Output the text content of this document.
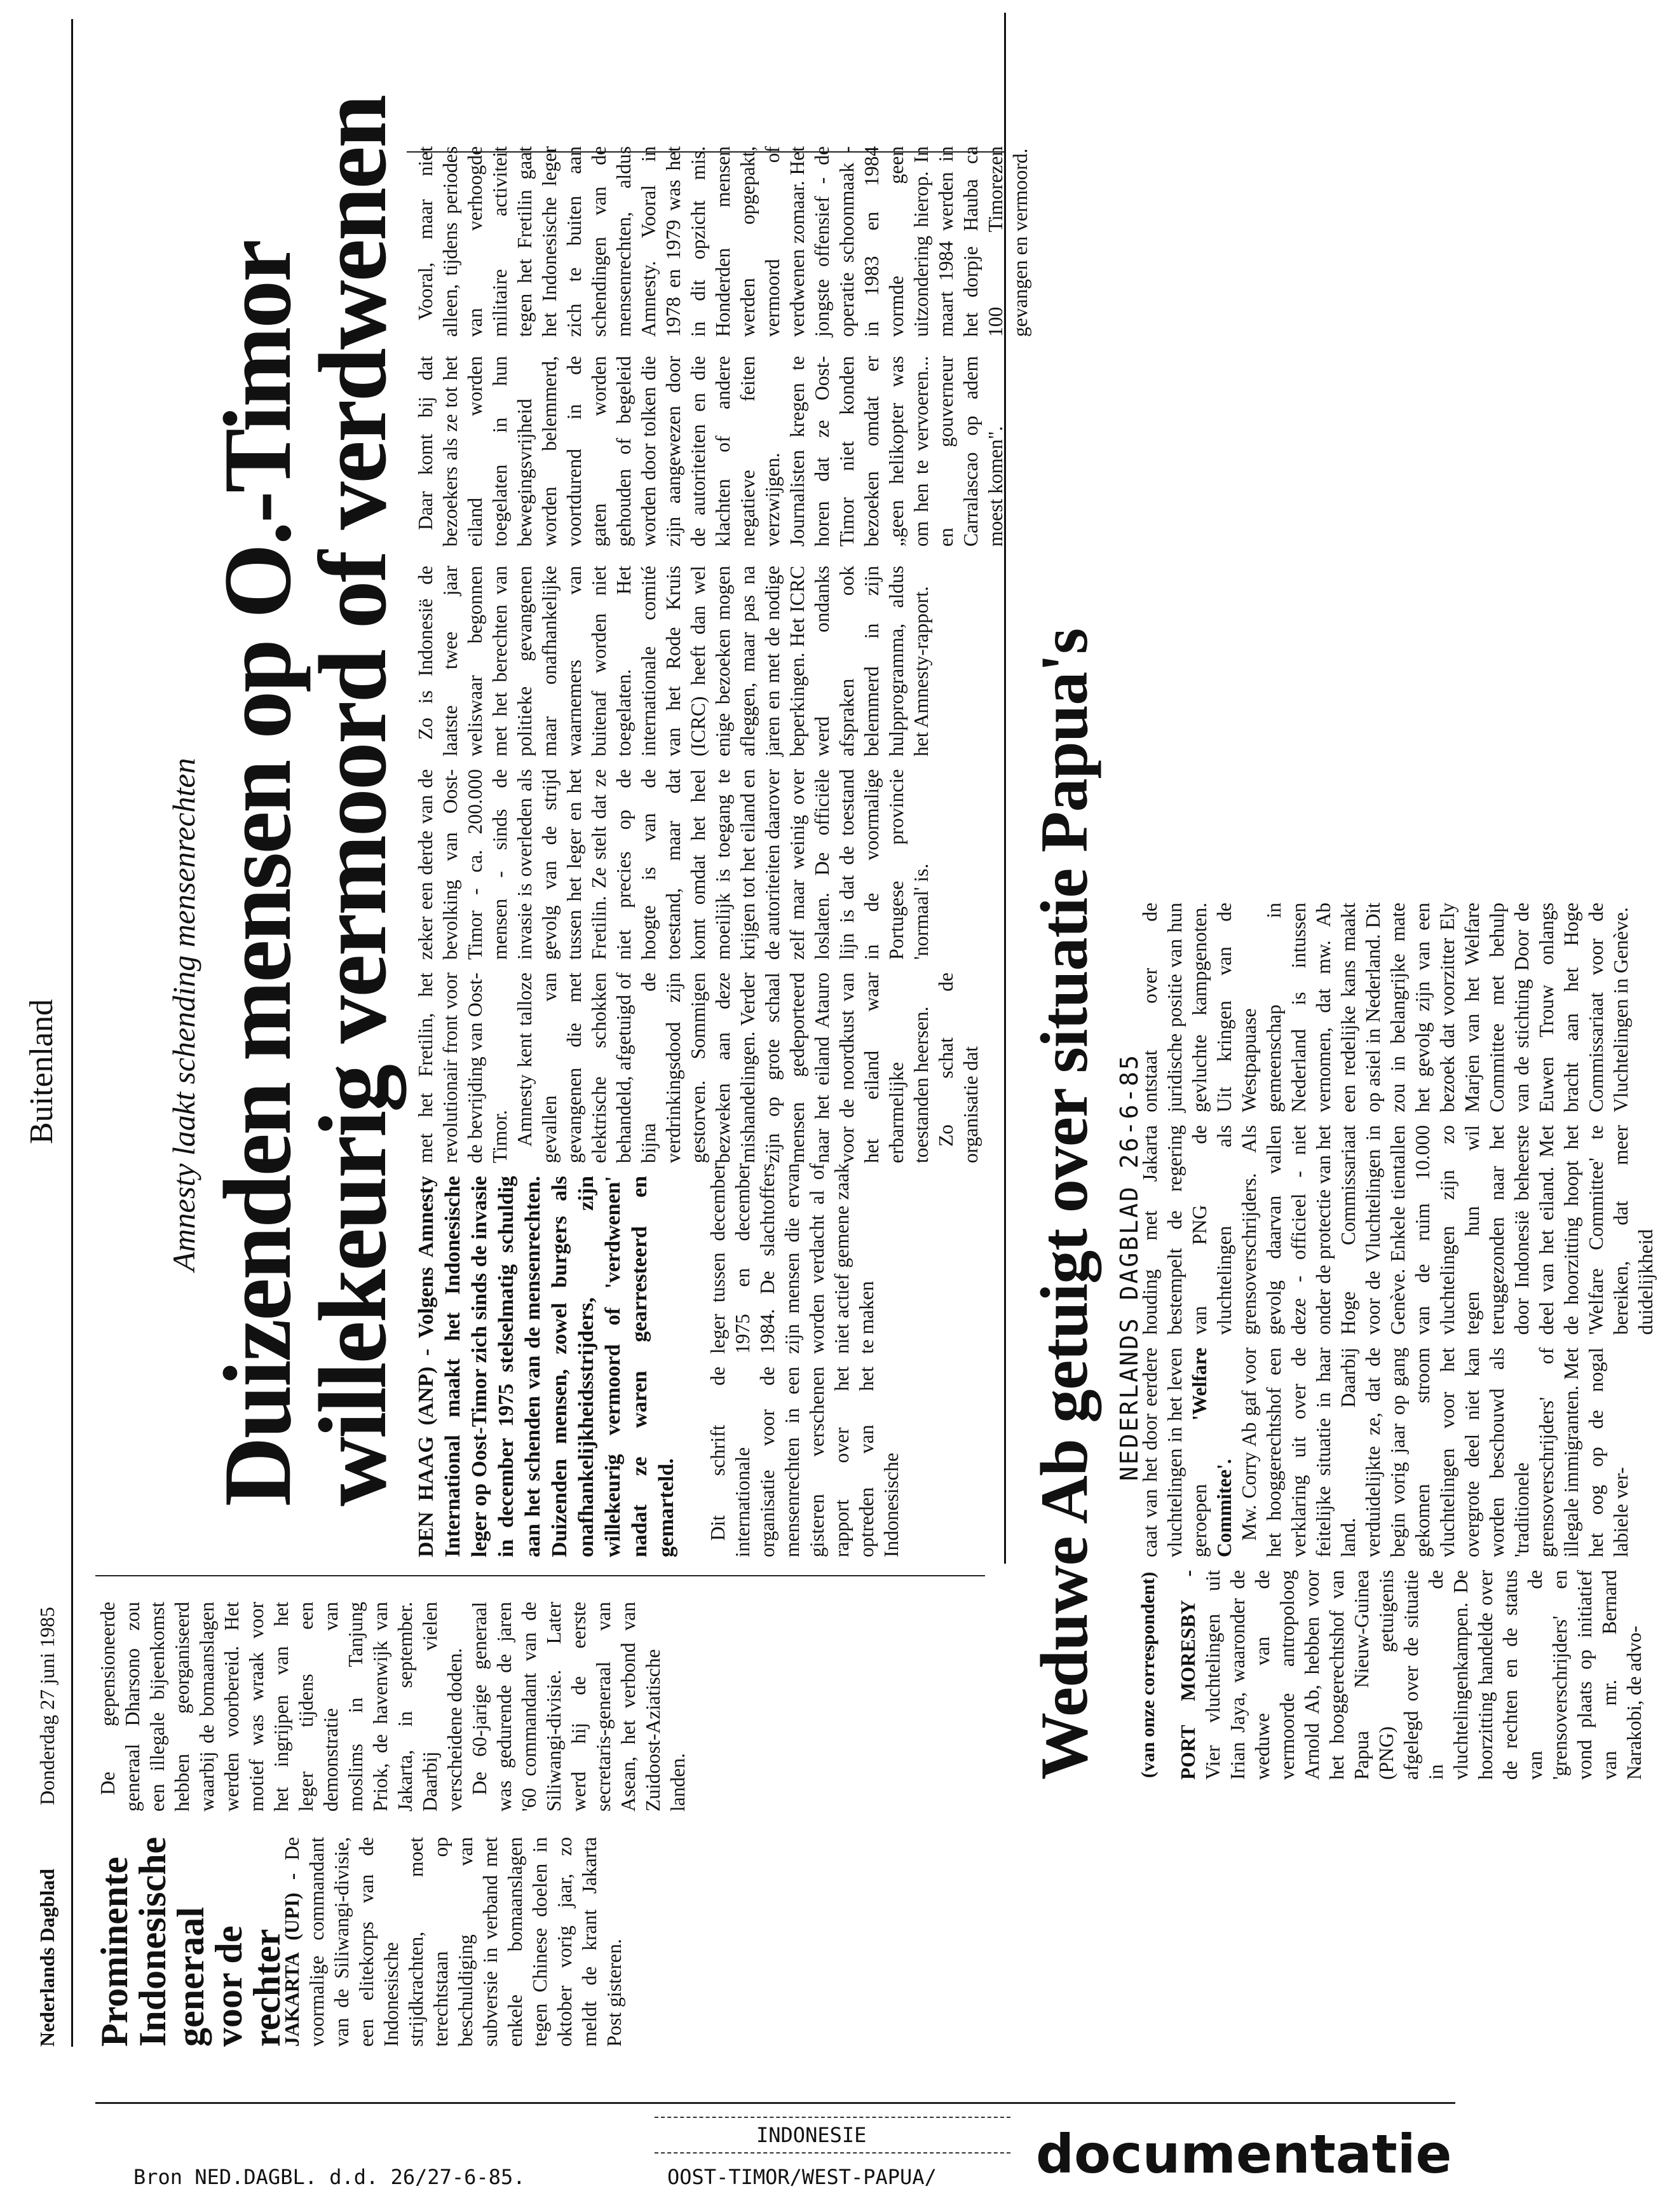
Bron NED.DAGBL. d.d. 26/27-6-85.	OOST-TIMOR/WEST-PAPUA/
INDONESIE	documentatie
Nederlands Dagblad
Donderdag 27 juni 1985
Buitenland
Prominente Indonesische generaal voor de rechter

JAKARTA (UPI) - De voormalige commandant van de Siliwangi-divisie, een elitekorps van de Indonesische strijdkrachten, moet terechtstaan op beschuldiging van subversie in verband met enkele bomaanslagen tegen Chinese doelen in oktober vorig jaar, zo meldt de krant Jakarta Post gisteren.

De gepensioneerde generaal Dharsono zou een illegale bijeenkomst hebben georganiseerd waarbij de bomaanslagen werden voorbereid. Het motief was wraak voor het ingrijpen van het leger tijdens een demonstratie van moslims in Tanjung Priok, de havenwijk van Jakarta, in september. Daarbij vielen verscheidene doden. De 60-jarige generaal was gedurende de jaren '60 commandant van de Siliwangi-divisie. Later werd hij de eerste secretaris-generaal van Asean, het verbond van Zuidoost-Aziatische landen.

Amnesty laakt schending mensenrechten Duizenden mensen op O.-Timor
willekeurig vermoord of verdwenen DEN HAAG (ANP) - Volgens Amnesty International maakt het Indonesische leger op Oost-Timor zich sinds de invasie in december 1975 stelselmatig schuldig aan het schenden van de mensenrechten. Duizenden mensen, zowel burgers als onafhankelijkheidsstrijders, zijn willekeurig vermoord of 'verdwenen' nadat ze waren gearresteerd en gemarteld. Dit schrift de internationale organisatie voor de mensenrechten in een gisteren verschenen rapport over het optreden van het Indonesische

leger tussen december 1975 en december 1984. De slachtoffers zijn mensen die ervan worden verdacht al of niet actief gemene zaak te maken

met het Fretilin, het revolutionair front voor de bevrijding van Oost-Timor. Amnesty kent talloze gevallen van gevangenen die met elektrische schokken behandeld, afgetuigd of bijna de verdrinkingsdood zijn gestorven. Sommigen bezweken aan deze mishandelingen. Verder zijn op grote schaal mensen gedeporteerd naar het eiland Atauro voor de noordkust van het eiland waar erbarmelijke toestanden heersen. Zo schat de organisatie dat

zeker een derde van de bevolking van Oost-Timor - ca. 200.000 mensen - sinds de invasie is overleden als gevolg van de strijd tussen het leger en het Fretilin. Ze stelt dat ze niet precies op de hoogte is van de toestand, maar dat komt omdat het heel moeilijk is toegang te krijgen tot het eiland en de autoriteiten daarover zelf maar weinig over loslaten. De officiële lijn is dat de toestand in de voormalige Portugese provincie 'normaal' is.

Zo is Indonesië de laatste twee jaar weliswaar begonnen met het berechten van politieke gevangenen maar onafhankelijke waarnemers van buitenaf worden niet toegelaten. Het internationale comité van het Rode Kruis (ICRC) heeft dan wel enige bezoeken mogen afleggen, maar pas na jaren en met de nodige beperkingen. Het ICRC werd ondanks afspraken ook belemmerd in zijn hulpprogramma, aldus het Amnesty-rapport.

Daar komt bij dat bezoekers als ze tot het eiland worden toegelaten in hun bewegingsvrijheid worden belemmerd, voortdurend in de gaten worden gehouden of begeleid worden door tolken die zijn aangewezen door de autoriteiten en die klachten of andere negatieve feiten verzwijgen. Journalisten kregen te horen dat ze Oost-Timor niet konden bezoeken omdat er „geen helikopter was om hen te vervoeren... en gouverneur Carralascao op adem moest komen".

Vooral, maar niet alleen, tijdens periodes van verhoogde militaire activiteit tegen het Fretilin gaat het Indonesische leger zich te buiten aan schendingen van de mensenrechten, aldus Amnesty. Vooral in 1978 en 1979 was het in dit opzicht mis. Honderden mensen werden opgepakt, vermoord of verdwenen zomaar. Het jongste offensief - de operatie schoonmaak - in 1983 en 1984 vormde geen uitzondering hierop. In maart 1984 werden in het dorpje Hauba ca 100 Timorezen gevangen en vermoord.

Weduwe Ab getuigt over situatie Papua's NEDERLANDS DAGBLAD 26-6-85
(van onze correspondent) PORT MORESBY - Vier vluchtelingen uit Irian Jaya, waaronder de weduwe van de vermoorde antropoloog Arnold Ab, hebben voor het hooggerechtshof van Papua Nieuw-Guinea (PNG) getuigenis afgelegd over de situatie in de vluchtelingenkampen. De hoorzitting handelde over de rechten en de status van de 'grensoverschrijders' en vond plaats op initiatief van mr. Bernard Narakobi, de advo-

caat van het door eerdere vluchtelingen in het leven geroepen 'Welfare Commitee'. Mw. Corry Ab gaf voor het hooggerechtshof een verklaring uit over de feitelijke situatie in haar land. Daarbij verduidelijkte ze, dat de begin vorig jaar op gang gekomen stroom vluchtelingen voor het overgrote deel niet kan worden beschouwd als 'traditionele grensoverschrijders' of illegale immigranten. Met het oog op de nogal labiele ver-

houding met Jakarta bestempelt de regering van PNG de vluchtelingen als grensoverschrijders. Als gevolg daarvan vallen deze - officieel - niet onder de protectie van het Hoge Commissariaat voor de Vluchtelingen in Genève. Enkele tientallen van de ruim 10.000 vluchtelingen zijn zo tegen hun wil teruggezonden naar het door Indonesië beheerste deel van het eiland. Met de hoorzitting hoopt het 'Welfare Committee' te bereiken, dat meer duidelijkheid

ontstaat over de juridische positie van hun gevluchte kampgenoten. Uit kringen van de Westpapuase gemeenschap in Nederland is intussen vernomen, dat mw. Ab een redelijke kans maakt op asiel in Nederland. Dit zou in belangrijke mate het gevolg zijn van een bezoek dat voorzitter Ely Marjen van het Welfare Committee met behulp van de stichting Door de Euwen Trouw onlangs bracht aan het Hoge Commissariaat voor de Vluchtelingen in Genève.
